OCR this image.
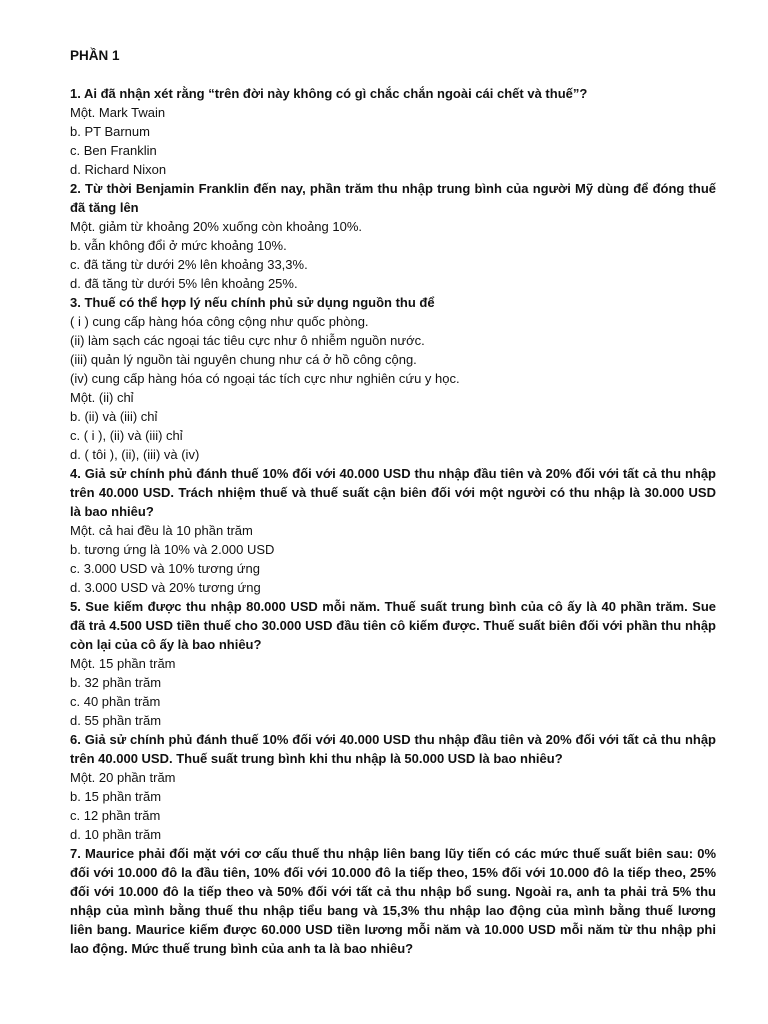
PHẦN 1

1. Ai đã nhận xét rằng “trên đời này không có gì chắc chắn ngoài cái chết và thuế”?

Một. Mark Twain

b. PT Barnum

c. Ben Franklin

d. Richard Nixon

2. Từ thời Benjamin Franklin đến nay, phần trăm thu nhập trung bình của người Mỹ dùng để đóng thuế đã tăng lên

Một. giảm từ khoảng 20% xuống còn khoảng 10%.

b. vẫn không đổi ở mức khoảng 10%.

c. đã tăng từ dưới 2% lên khoảng 33,3%.

d. đã tăng từ dưới 5% lên khoảng 25%.

3. Thuế có thể hợp lý nếu chính phủ sử dụng nguồn thu để

( i ) cung cấp hàng hóa công cộng như quốc phòng.

(ii) làm sạch các ngoại tác tiêu cực như ô nhiễm nguồn nước.

(iii) quản lý nguồn tài nguyên chung như cá ở hồ công cộng.

(iv) cung cấp hàng hóa có ngoại tác tích cực như nghiên cứu y học.

Một. (ii) chỉ

b. (ii) và (iii) chỉ

c. ( i ), (ii) và (iii) chỉ

d. ( tôi ), (ii), (iii) và (iv)

4. Giả sử chính phủ đánh thuế 10% đối với 40.000 USD thu nhập đầu tiên và 20% đối với tất cả thu nhập trên 40.000 USD. Trách nhiệm thuế và thuế suất cận biên đối với một người có thu nhập là 30.000 USD là bao nhiêu?

Một. cả hai đều là 10 phần trăm

b. tương ứng là 10% và 2.000 USD

c. 3.000 USD và 10% tương ứng

d. 3.000 USD và 20% tương ứng

5. Sue kiếm được thu nhập 80.000 USD mỗi năm. Thuế suất trung bình của cô ấy là 40 phần trăm. Sue đã trả 4.500 USD tiền thuế cho 30.000 USD đầu tiên cô kiếm được. Thuế suất biên đối với phần thu nhập còn lại của cô ấy là bao nhiêu?

Một. 15 phần trăm

b. 32 phần trăm

c. 40 phần trăm

d. 55 phần trăm

6. Giả sử chính phủ đánh thuế 10% đối với 40.000 USD thu nhập đầu tiên và 20% đối với tất cả thu nhập trên 40.000 USD. Thuế suất trung bình khi thu nhập là 50.000 USD là bao nhiêu?

Một. 20 phần trăm

b. 15 phần trăm

c. 12 phần trăm

d. 10 phần trăm

7. Maurice phải đối mặt với cơ cấu thuế thu nhập liên bang lũy tiến có các mức thuế suất biên sau: 0% đối với 10.000 đô la đầu tiên, 10% đối với 10.000 đô la tiếp theo, 15% đối với 10.000 đô la tiếp theo, 25% đối với 10.000 đô la tiếp theo và 50% đối với tất cả thu nhập bổ sung. Ngoài ra, anh ta phải trả 5% thu nhập của mình bằng thuế thu nhập tiểu bang và 15,3% thu nhập lao động của mình bằng thuế lương liên bang. Maurice kiếm được 60.000 USD tiền lương mỗi năm và 10.000 USD mỗi năm từ thu nhập phi lao động. Mức thuế trung bình của anh ta là bao nhiêu?
